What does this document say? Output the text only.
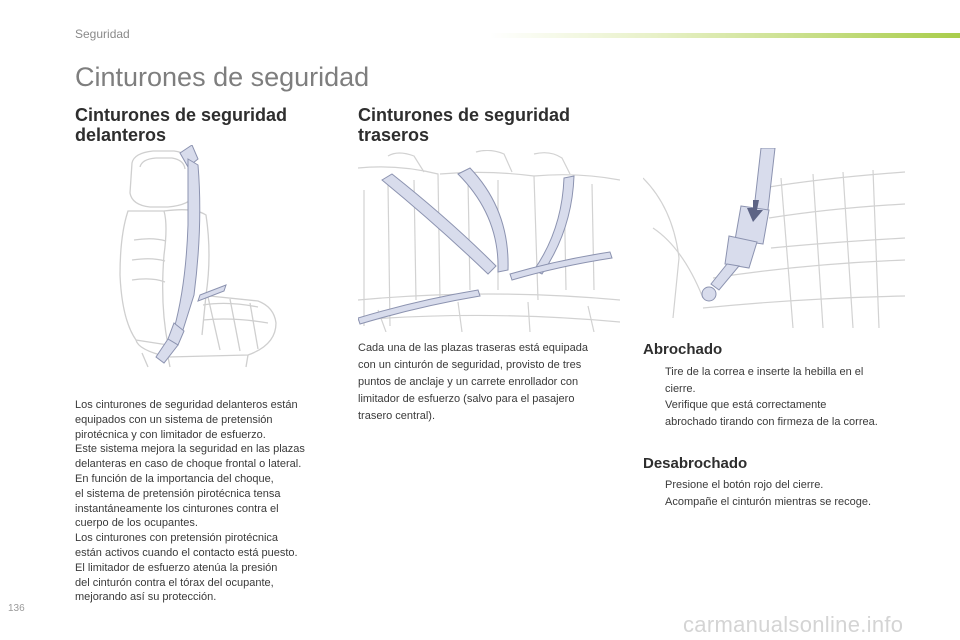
Seguridad
Cinturones de seguridad
Cinturones de seguridad
delanteros

Los cinturones de seguridad delanteros están
equipados con un sistema de pretensión
pirotécnica y con limitador de esfuerzo.
Este sistema mejora la seguridad en las plazas
delanteras en caso de choque frontal o lateral.
En función de la importancia del choque,
el sistema de pretensión pirotécnica tensa
instantáneamente los cinturones contra el
cuerpo de los ocupantes.
Los cinturones con pretensión pirotécnica
están activos cuando el contacto está puesto.
El limitador de esfuerzo atenúa la presión
del cinturón contra el tórax del ocupante,
mejorando así su protección.

Cinturones de seguridad
traseros

Cada una de las plazas traseras está equipada
con un cinturón de seguridad, provisto de tres
puntos de anclaje y un carrete enrollador con
limitador de esfuerzo (salvo para el pasajero
trasero central).

Abrochado
Tire de la correa e inserte la hebilla en el
cierre.
Verifique que está correctamente
abrochado tirando con firmeza de la correa.
Desabrochado
Presione el botón rojo del cierre.
Acompañe el cinturón mientras se recoge.
136
carmanualsonline.info
